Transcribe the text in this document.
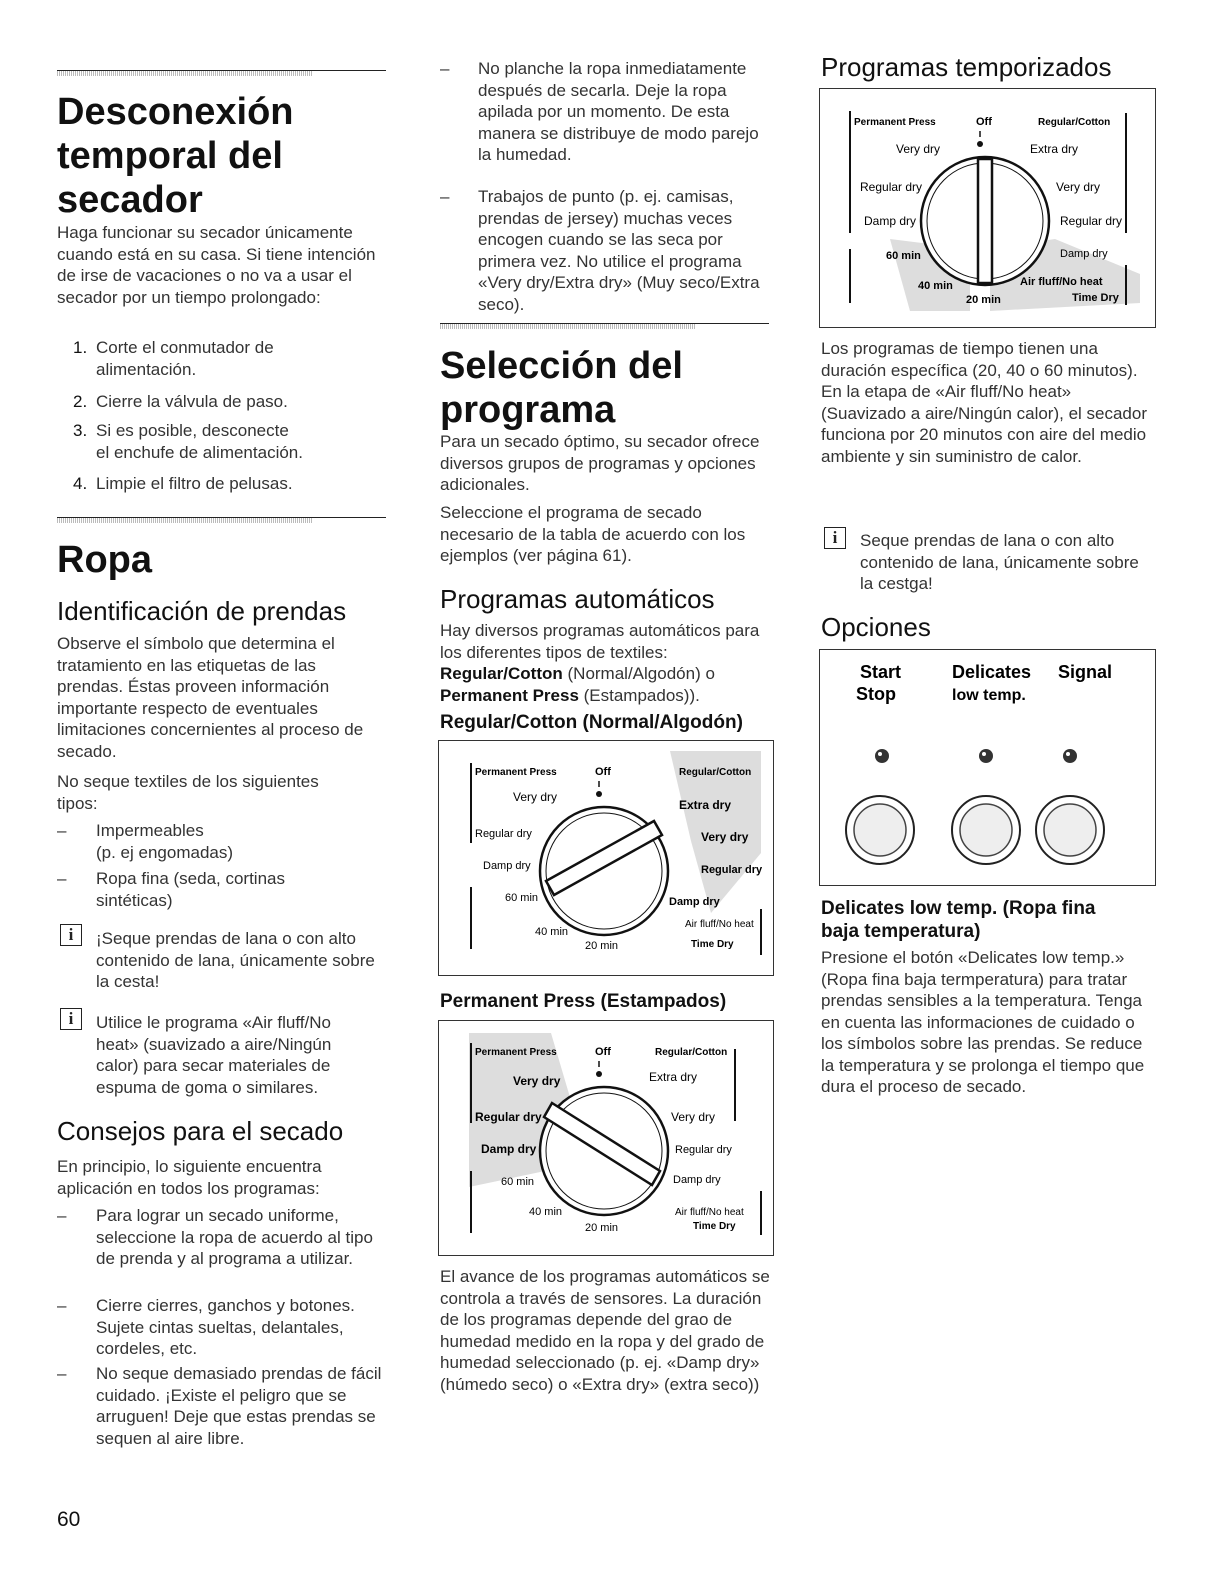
Desconexión
temporal del
secador

Haga funcionar su secador únicamente cuando está en su casa. Si tiene intención de irse de vacaciones o no va a usar el secador por un tiempo prolongado:

1. Corte el conmutador de
alimentación.
2. Cierre la válvula de paso.
3. Si es posible, desconecte
el enchufe de alimentación.
4. Limpie el filtro de pelusas.
Ropa
Identificación de prendas

Observe el símbolo que determina el tratamiento en las etiquetas de las prendas. Éstas proveen información importante respecto de eventuales limitaciones concernientes al proceso de secado.

No seque textiles de los siguientes tipos:

– Impermeables
(p. ej engomadas)
– Ropa fina (seda, cortinas
sintéticas)
i	¡Seque prendas de lana o con alto contenido de lana, únicamente sobre la cesta!

i	Utilice le programa «Air fluff/No heat» (suavizado a aire/Ningún calor) para secar materiales de espuma de goma o similares.

Consejos para el secado

En principio, lo siguiente encuentra aplicación en todos los programas:

–	Para lograr un secado uniforme, seleccione la ropa de acuerdo al tipo de prenda y al programa a utilizar.
–	Cierre cierres, ganchos y botones. Sujete cintas sueltas, delantales, cordeles, etc.
–	No seque demasiado prendas de fácil cuidado. ¡Existe el peligro que se arruguen! Deje que estas prendas se sequen al aire libre.
–	No planche la ropa inmediatamente después de secarla. Deje la ropa apilada por un momento. De esta manera se distribuye de modo parejo la humedad.
–	Trabajos de punto (p. ej. camisas, prendas de jersey) muchas veces encogen cuando se las seca por primera vez. No utilice el programa «Very dry/Extra dry» (Muy seco/Extra seco).
Selección del
programa

Para un secado óptimo, su secador ofrece diversos grupos de programas y opciones adicionales.

Seleccione el programa de secado necesario de la tabla de acuerdo con los ejemplos (ver página 61).

Programas automáticos

Hay diversos programas automáticos para los diferentes tipos de textiles: Regular/Cotton (Normal/Algodón) o Permanent Press (Estampados)).

Regular/Cotton (Normal/Algodón)
Permanent Press	Off	Regular/Cotton
Very dry
Extra dry
Regular dry	Very dry
Damp dry	Regular dry
60 min	Damp dry
40 min
Air fluff/No heat
20 min	Time Dry
Permanent Press (Estampados)
Permanent Press	Off	Regular/Cotton
Very dry	Extra dry
Regular dry	Very dry
Damp dry	Regular dry
60 min	Damp dry
40 min	Air fluff/No heat
20 min	Time Dry

El avance de los programas automáticos se controla a través de sensores. La duración de los programas depende del grao de humedad medido en la ropa y del grado de humedad seleccionado (p. ej. «Damp dry» (húmedo seco) o «Extra dry» (extra seco))

Programas temporizados
Permanent Press	Off	Regular/Cotton
Very dry	Extra dry
Regular dry	Very dry
Damp dry	Regular dry
60 min	Damp dry
40 min	Air fluff/No heat
20 min	Time Dry

Los programas de tiempo tienen una duración específica (20, 40 o 60 minutos). En la etapa de «Air fluff/No heat» (Suavizado a aire/Ningún calor), el secador funciona por 20 minutos con aire del medio ambiente y sin suministro de calor.

i	Seque prendas de lana o con alto contenido de lana, únicamente sobre la cestga!

Opciones
Start
Stop
Delicates
low temp.
Signal
Delicates low temp. (Ropa fina
baja temperatura)

Presione el botón «Delicates low temp.» (Ropa fina baja termperatura) para tratar prendas sensibles a la temperatura. Tenga en cuenta las informaciones de cuidado o los símbolos sobre las prendas. Se reduce la temperatura y se prolonga el tiempo que dura el proceso de secado.

60
